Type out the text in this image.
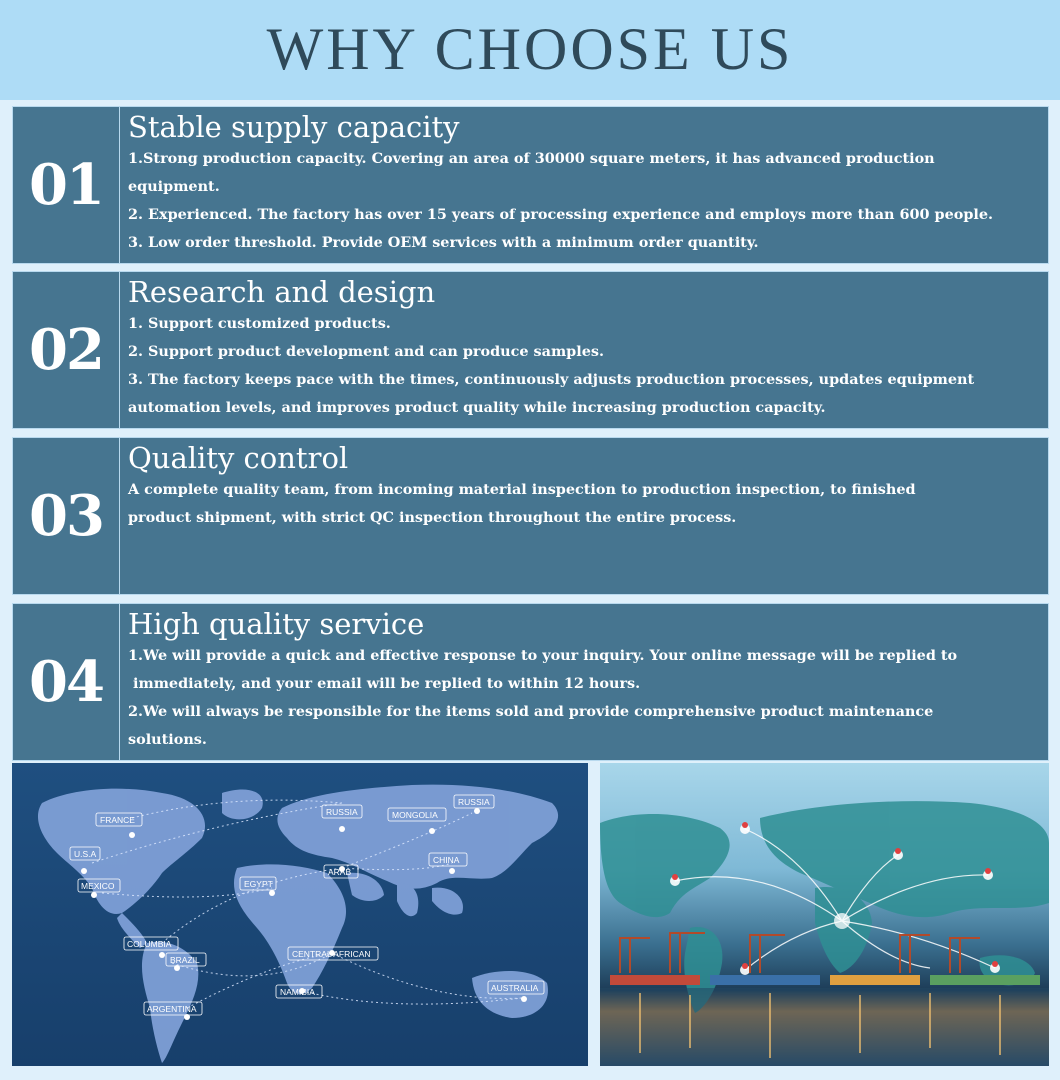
WHY CHOOSE US
01
Stable supply capacity
1.Strong production capacity. Covering an area of 30000 square meters, it has advanced production
equipment.
2. Experienced. The factory has over 15 years of processing experience and employs more than 600 people.
3. Low order threshold. Provide OEM services with a minimum order quantity.
02
Research and design
1. Support customized products.
2. Support product development and can produce samples.
3. The factory keeps pace with the times, continuously adjusts production processes, updates equipment
automation levels, and improves product quality while increasing production capacity.
03
Quality control
A complete quality team, from incoming material inspection to production inspection, to finished
product shipment, with strict QC inspection throughout the entire process.
04
High quality service
1.We will provide a quick and effective response to your inquiry. Your online message will be replied to
immediately, and your email will be replied to within 12 hours.
2.We will always be responsible for the items sold and provide comprehensive product maintenance
solutions.
FRANCE
U.S.A
MEXICO	EGYPT
RUSSIA	MONGOLIA
RUSSIA
CHINA
ARAB
COLUMBIA
BRAZIL
CENTRAL AFRICAN
NAMIBIA
ARGENTINA
AUSTRALIA
